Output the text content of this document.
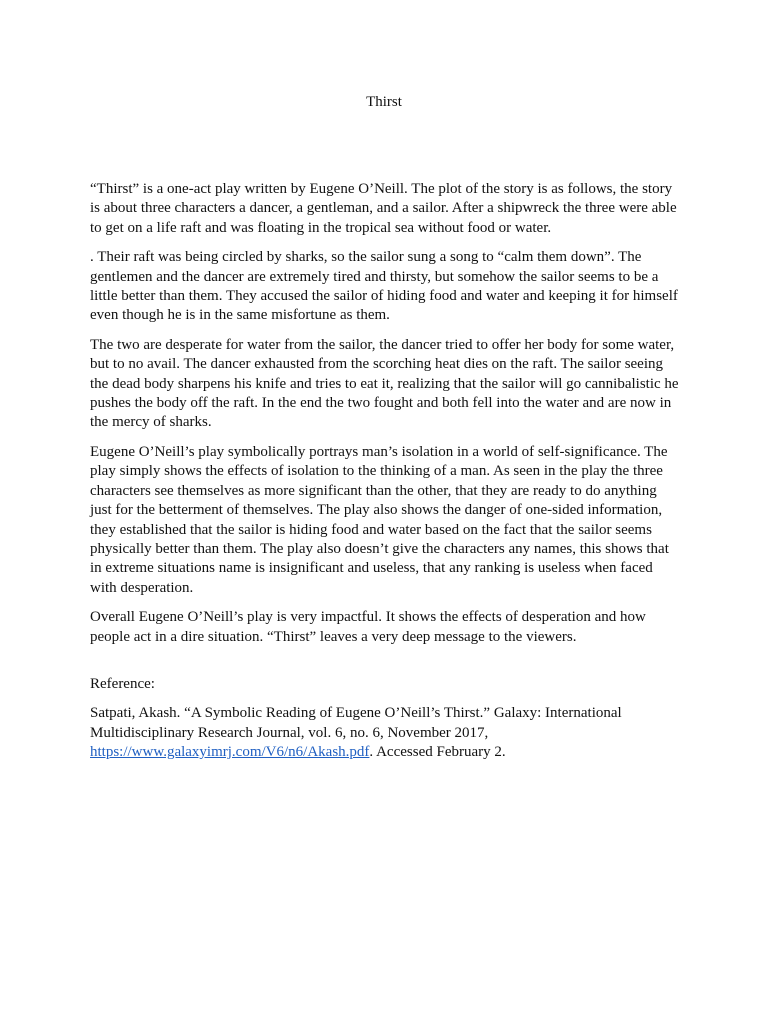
Thirst

“Thirst” is a one-act play written by Eugene O’Neill. The plot of the story is as follows, the story is about three characters a dancer, a gentleman, and a sailor. After a shipwreck the three were able to get on a life raft and was floating in the tropical sea without food or water.

. Their raft was being circled by sharks, so the sailor sung a song to “calm them down”. The gentlemen and the dancer are extremely tired and thirsty, but somehow the sailor seems to be a little better than them. They accused the sailor of hiding food and water and keeping it for himself even though he is in the same misfortune as them.

The two are desperate for water from the sailor, the dancer tried to offer her body for some water, but to no avail. The dancer exhausted from the scorching heat dies on the raft. The sailor seeing the dead body sharpens his knife and tries to eat it, realizing that the sailor will go cannibalistic he pushes the body off the raft. In the end the two fought and both fell into the water and are now in the mercy of sharks.

Eugene O’Neill’s play symbolically portrays man’s isolation in a world of self-significance. The play simply shows the effects of isolation to the thinking of a man. As seen in the play the three characters see themselves as more significant than the other, that they are ready to do anything just for the betterment of themselves. The play also shows the danger of one-sided information, they established that the sailor is hiding food and water based on the fact that the sailor seems physically better than them. The play also doesn’t give the characters any names, this shows that in extreme situations name is insignificant and useless, that any ranking is useless when faced with desperation.

Overall Eugene O’Neill’s play is very impactful. It shows the effects of desperation and how people act in a dire situation. “Thirst” leaves a very deep message to the viewers.

Reference:

Satpati, Akash. “A Symbolic Reading of Eugene O’Neill’s Thirst.” Galaxy: International Multidisciplinary Research Journal, vol. 6, no. 6, November 2017, https://www.galaxyimrj.com/V6/n6/Akash.pdf. Accessed February 2.
